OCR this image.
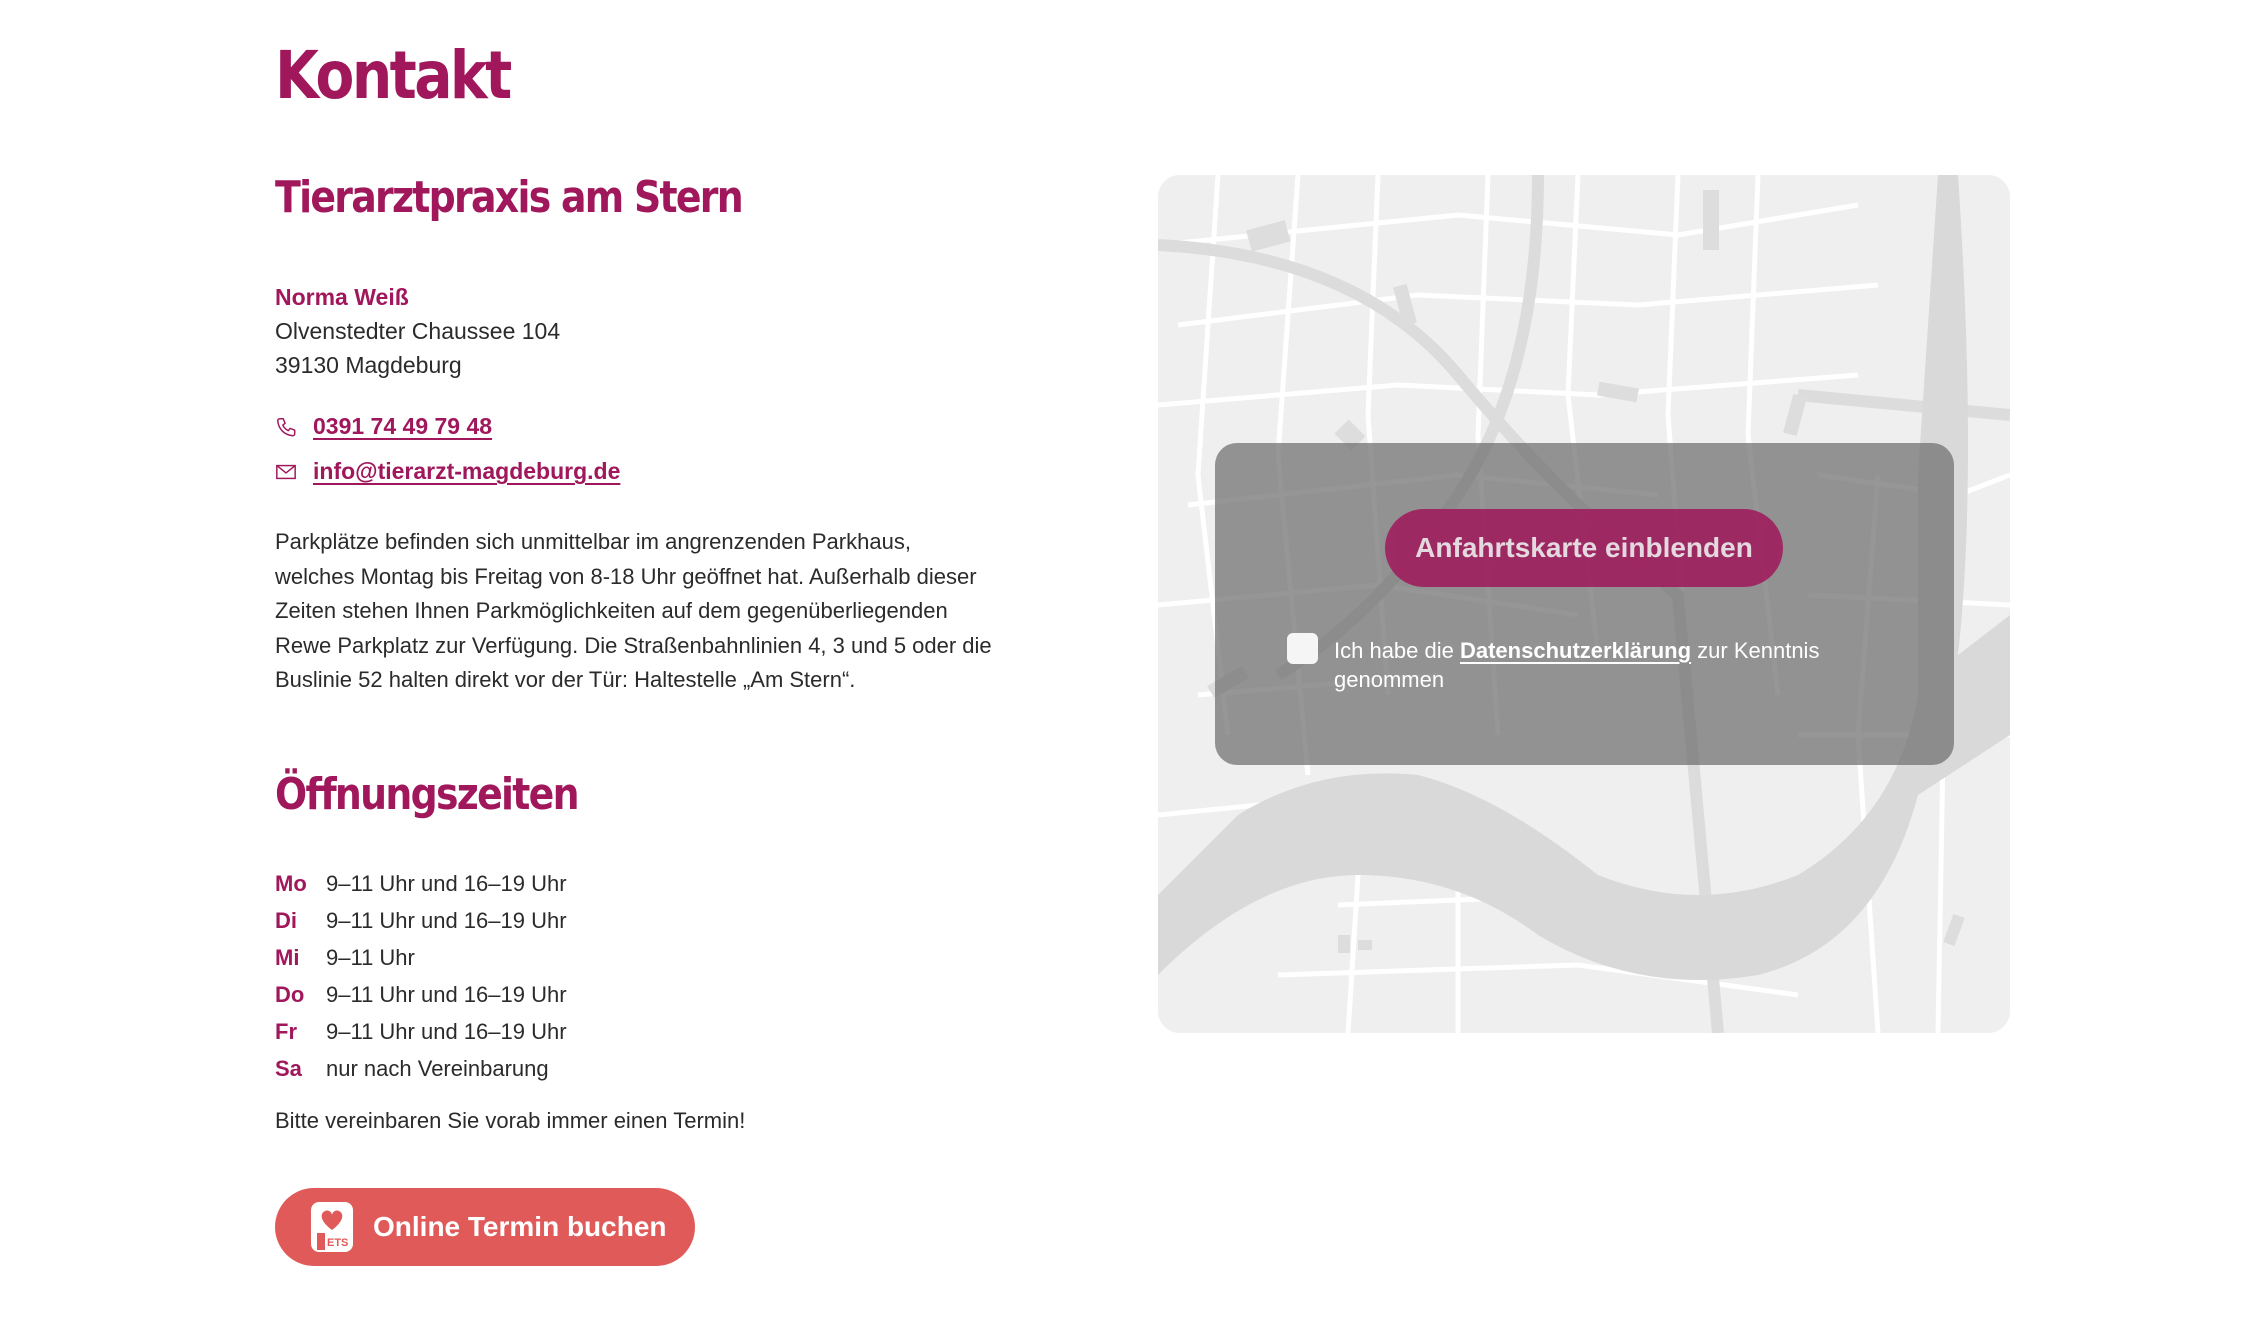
Kontakt
Tierarztpraxis am Stern
Norma Weiß
Olvenstedter Chaussee 104
39130 Magdeburg
0391 74 49 79 48
info@tierarzt-magdeburg.de

Parkplätze befinden sich unmittelbar im angrenzenden Parkhaus, welches Montag bis Freitag von 8-18 Uhr geöffnet hat. Außerhalb dieser Zeiten stehen Ihnen Parkmöglichkeiten auf dem gegenüberliegenden Rewe Parkplatz zur Verfügung. Die Straßenbahnlinien 4, 3 und 5 oder die Buslinie 52 halten direkt vor der Tür: Haltestelle „Am Stern“.

Öffnungszeiten
Mo 9–11 Uhr und 16–19 Uhr
Di	9–11 Uhr und 16–19 Uhr
Mi	9–11 Uhr
Do 9–11 Uhr und 16–19 Uhr
Fr	9–11 Uhr und 16–19 Uhr
Sa	nur nach Vereinbarung

Bitte vereinbaren Sie vorab immer einen Termin!

ETS
Online Termin buchen
Anfahrtskarte einblenden
Ich habe die Datenschutzerklärung zur Kenntnis genommen
